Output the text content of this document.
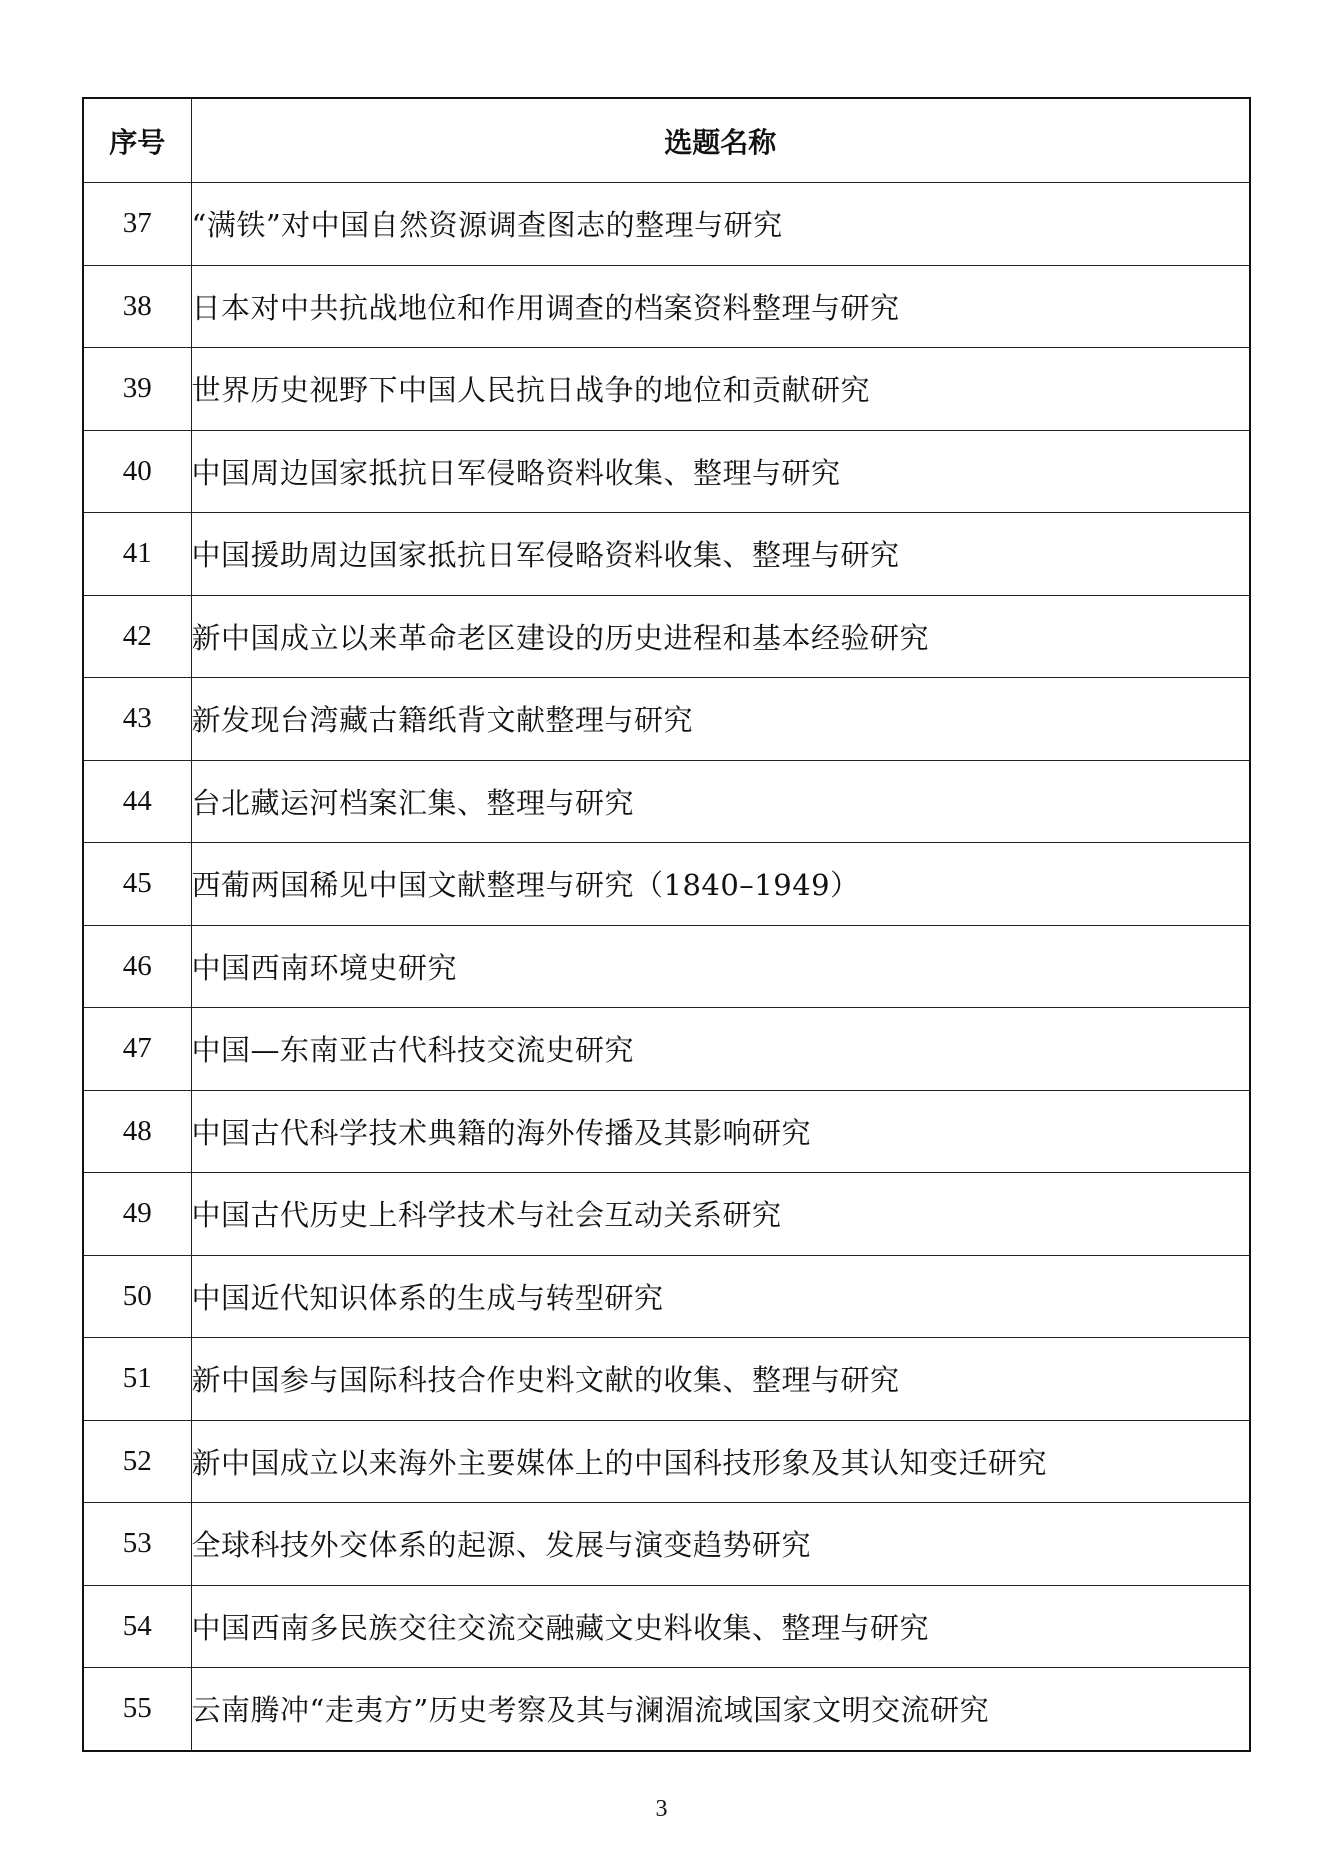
序号	选题名称
37	“满铁”对中国自然资源调查图志的整理与研究
38	日本对中共抗战地位和作用调查的档案资料整理与研究
39	世界历史视野下中国人民抗日战争的地位和贡献研究
40	中国周边国家抵抗日军侵略资料收集、整理与研究
41	中国援助周边国家抵抗日军侵略资料收集、整理与研究
42	新中国成立以来革命老区建设的历史进程和基本经验研究
43	新发现台湾藏古籍纸背文献整理与研究
44	台北藏运河档案汇集、整理与研究
45	西葡两国稀见中国文献整理与研究（1840–1949）
46	中国西南环境史研究
47	中国—东南亚古代科技交流史研究
48	中国古代科学技术典籍的海外传播及其影响研究
49	中国古代历史上科学技术与社会互动关系研究
50	中国近代知识体系的生成与转型研究
51	新中国参与国际科技合作史料文献的收集、整理与研究
52	新中国成立以来海外主要媒体上的中国科技形象及其认知变迁研究
53	全球科技外交体系的起源、发展与演变趋势研究
54	中国西南多民族交往交流交融藏文史料收集、整理与研究
55	云南腾冲“走夷方”历史考察及其与澜湄流域国家文明交流研究
3
